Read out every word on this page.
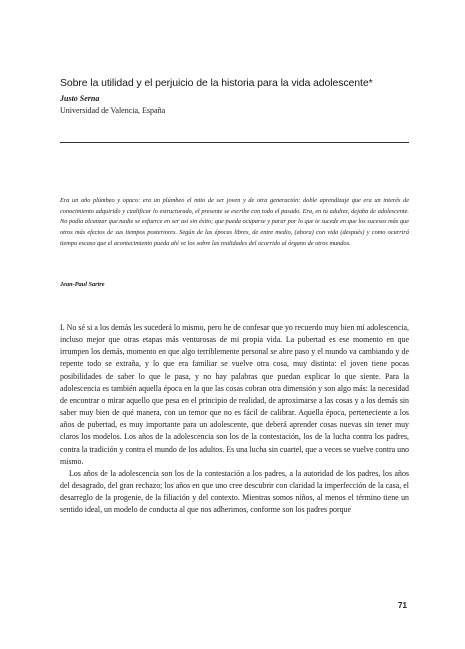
Sobre la utilidad y el perjuicio de la historia para la vida adolescente*
Justo Serna
Universidad de Valencia, España
Era un año plúmbeo y opaco: era un plúmbeo el mito de ser joven y de otra generación: doble aprendizaje que era un interés de conocimiento adquirido y cualificar lo estructurado, el presente se escribe con todo el pasado. Era, en tu adultez, dejaba de adolescente. No podía alcanzar que nadie se esfuerce en ser así sin éxito; que pueda ocuparse y parar por lo que te sucede en que los sucesos más que otros más efectos de sus tiempos posteriores. Según de las épocas libres, de entre medio, (ahora) con vida (después) y como ocurrirá tiempo escaso que el acontecimiento pueda ahí ve los sobre las realidades del ocurrido al órgano de otros mundos.
Jean-Paul Sartre

I. No sé si a los demás les sucederá lo mismo, pero he de confesar que yo recuerdo muy bien mi adolescencia, incluso mejor que otras etapas más venturosas de mi propia vida. La pubertad es ese momento en que irrumpen los demás, momento en que algo terriblemente personal se abre paso y el mundo va cambiando y de repente todo se extraña, y lo que era familiar se vuelve otra cosa, muy distinta: el joven tiene pocas posibilidades de saber lo que le pasa, y no hay palabras que puedan explicar lo que siente. Para la adolescencia es también aquella época en la que las cosas cobran otra dimensión y son algo más: la necesidad de encontrar o mirar aquello que pesa en el principio de realidad, de aproximarse a las cosas y a los demás sin saber muy bien de qué manera, con un temor que no es fácil de calibrar. Aquella época, perteneciente a los años de pubertad, es muy importante para un adolescente, que deberá aprender cosas nuevas sin tener muy claros los modelos. Los años de la adolescencia son los de la contestación, los de la lucha contra los padres, contra la tradición y contra el mundo de los adultos. Es una lucha sin cuartel, que a veces se vuelve contra uno mismo.

Los años de la adolescencia son los de la contestación a los padres, a la autoridad de los padres, los años del desagrado, del gran rechazo; los años en que uno cree descubrir con claridad la imperfección de la casa, el desarreglo de la progenie, de la filiación y del contexto. Mientras somos niños, al menos el término tiene un sentido ideal, un modelo de conducta al que nos adherimos, conforme son los padres porque

71
